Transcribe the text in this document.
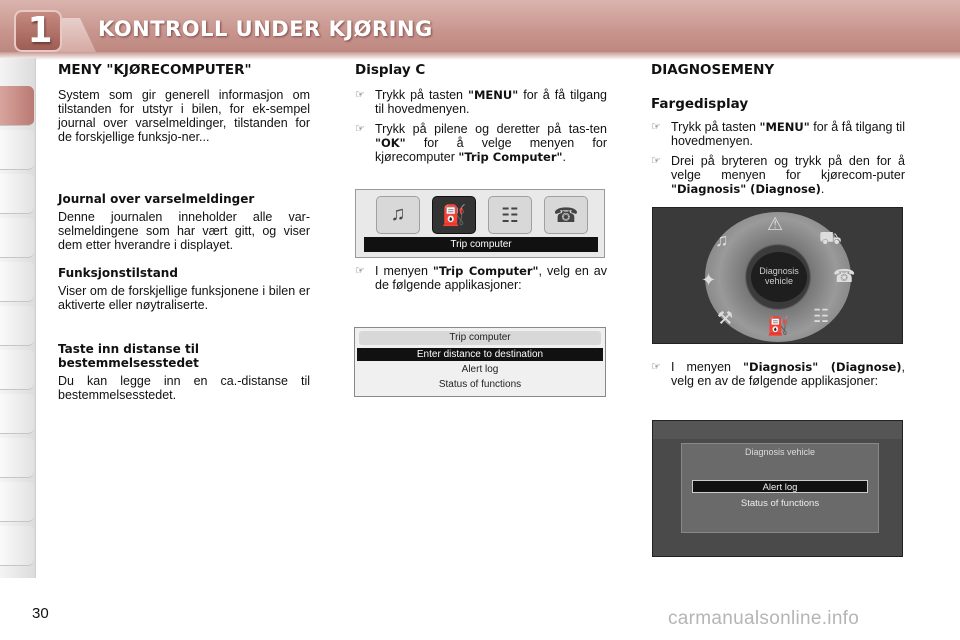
1	KONTROLL UNDER KJØRING
MENY "KJØRECOMPUTER"

System som gir generell informasjon om tilstanden for utstyr i bilen, for ek-sempel journal over varselmeldinger, tilstanden for de forskjellige funksjo-ner...

Journal over varselmeldinger

Denne journalen inneholder alle var-selmeldingene som har vært gitt, og viser dem etter hverandre i displayet.

Funksjonstilstand

Viser om de forskjellige funksjonene i bilen er aktiverte eller nøytraliserte.

Taste inn distanse til
bestemmelsesstedet

Du kan legge inn en ca.-distanse til bestemmelsesstedet.

Display C
☞ Trykk på tasten "MENU" for å få tilgang til hovedmenyen.
☞ Trykk på pilene og deretter på tas-ten "OK" for å velge menyen for kjørecomputer "Trip Computer".
♫	⛽	☷	☎
Trip computer
☞ I menyen "Trip Computer", velg en av de følgende applikasjoner:
Trip computer
Enter distance to destination
Alert log
Status of functions
DIAGNOSEMENY
Fargedisplay
☞ Trykk på tasten "MENU" for å få tilgang til hovedmenyen.
☞ Drei på bryteren og trykk på den for å velge menyen for kjørecom-puter "Diagnosis" (Diagnose).
♫
⚠
⛟
✦	☎
⚒ ⛽ ☷
Diagnosis
vehicle
☞ I menyen "Diagnosis" (Diagnose), velg en av de følgende applikasjoner:
Diagnosis vehicle
Alert log
Status of functions
30	carmanualsonline.info
